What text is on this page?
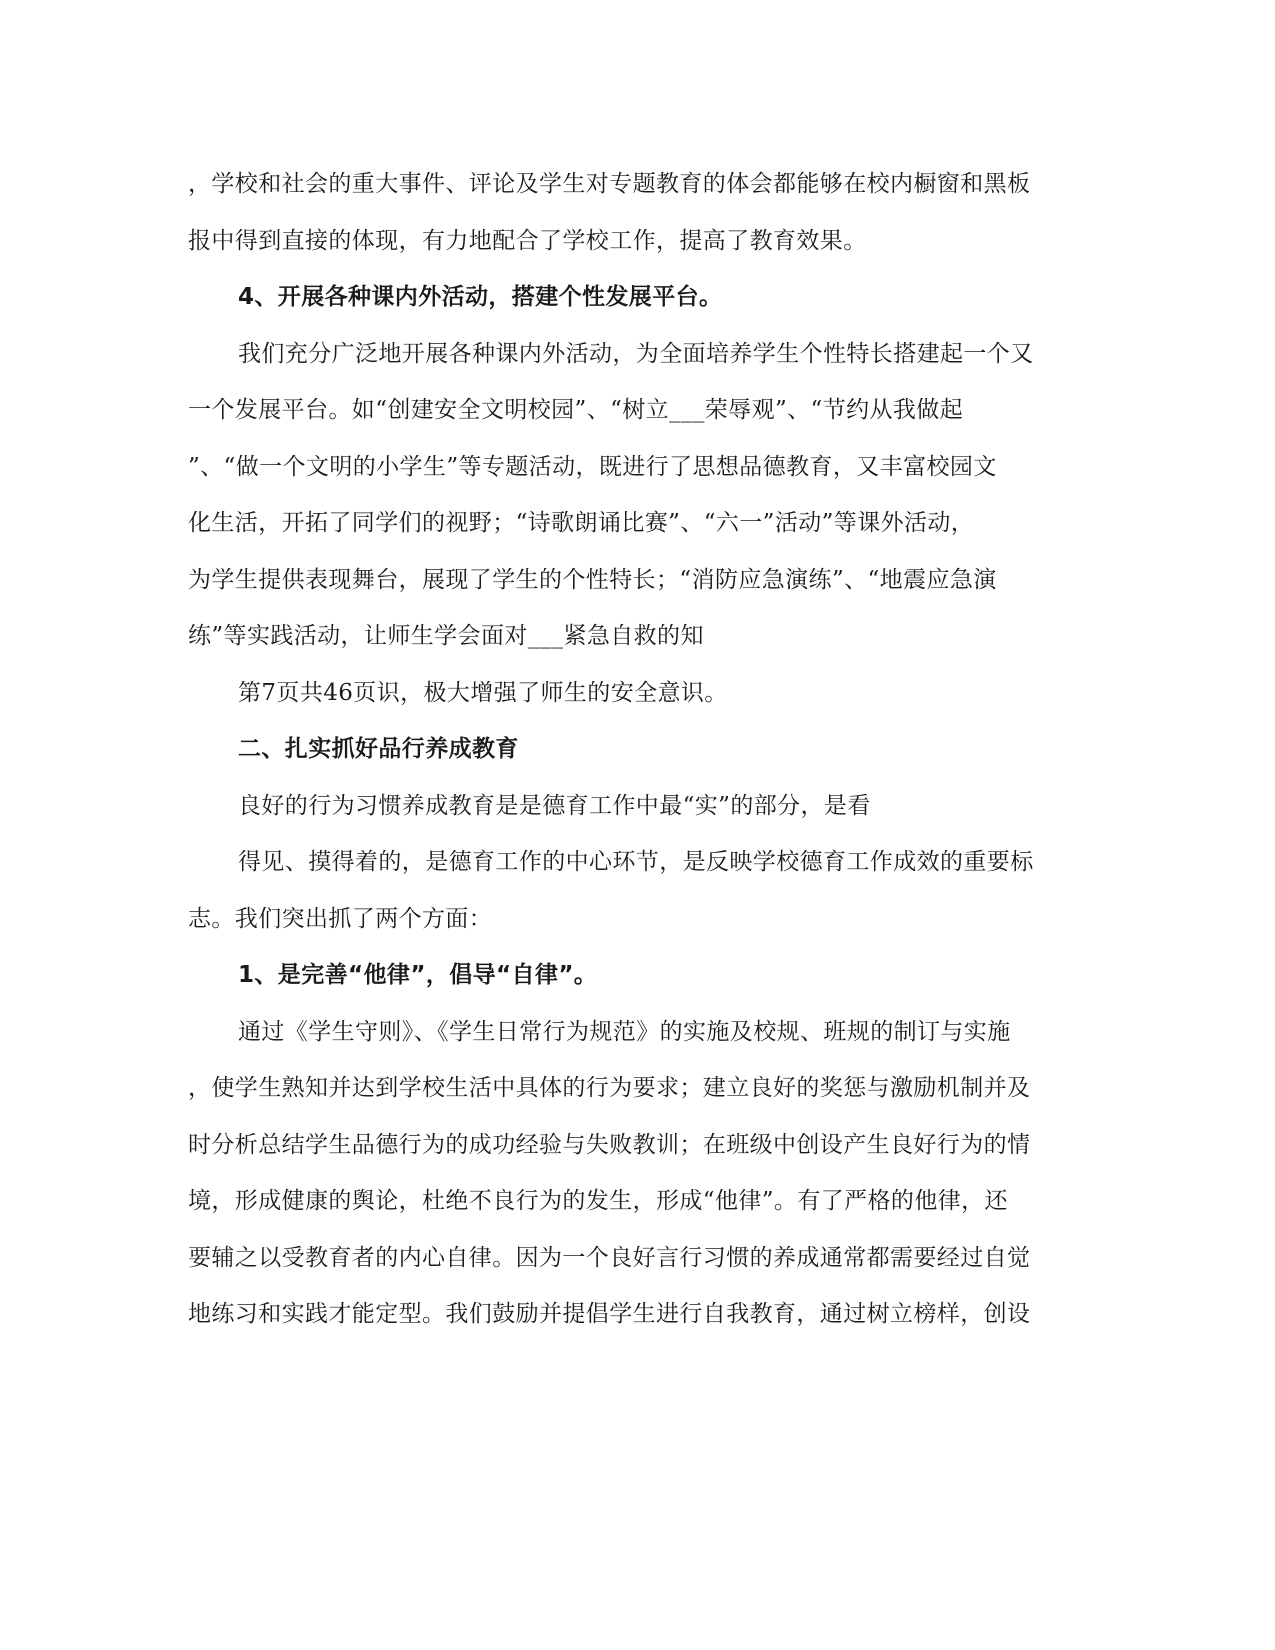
，学校和社会的重大事件、评论及学生对专题教育的体会都能够在校内橱窗和黑板
报中得到直接的体现，有力地配合了学校工作，提高了教育效果。
4、开展各种课内外活动，搭建个性发展平台。
我们充分广泛地开展各种课内外活动，为全面培养学生个性特长搭建起一个又
一个发展平台。如“创建安全文明校园”、“树立___荣辱观”、“节约从我做起
”、“做一个文明的小学生”等专题活动，既进行了思想品德教育，又丰富校园文
化生活，开拓了同学们的视野；“诗歌朗诵比赛”、“六一”活动”等课外活动，
为学生提供表现舞台，展现了学生的个性特长；“消防应急演练”、“地震应急演
练”等实践活动，让师生学会面对___紧急自救的知
第7页共46页识，极大增强了师生的安全意识。
二、扎实抓好品行养成教育
良好的行为习惯养成教育是是德育工作中最“实”的部分，是看
得见、摸得着的，是德育工作的中心环节，是反映学校德育工作成效的重要标
志。我们突出抓了两个方面：
1、是完善“他律”，倡导“自律”。
通过《学生守则》、《学生日常行为规范》的实施及校规、班规的制订与实施
，使学生熟知并达到学校生活中具体的行为要求；建立良好的奖惩与激励机制并及
时分析总结学生品德行为的成功经验与失败教训；在班级中创设产生良好行为的情
境，形成健康的舆论，杜绝不良行为的发生，形成“他律”。有了严格的他律，还
要辅之以受教育者的内心自律。因为一个良好言行习惯的养成通常都需要经过自觉
地练习和实践才能定型。我们鼓励并提倡学生进行自我教育，通过树立榜样，创设
